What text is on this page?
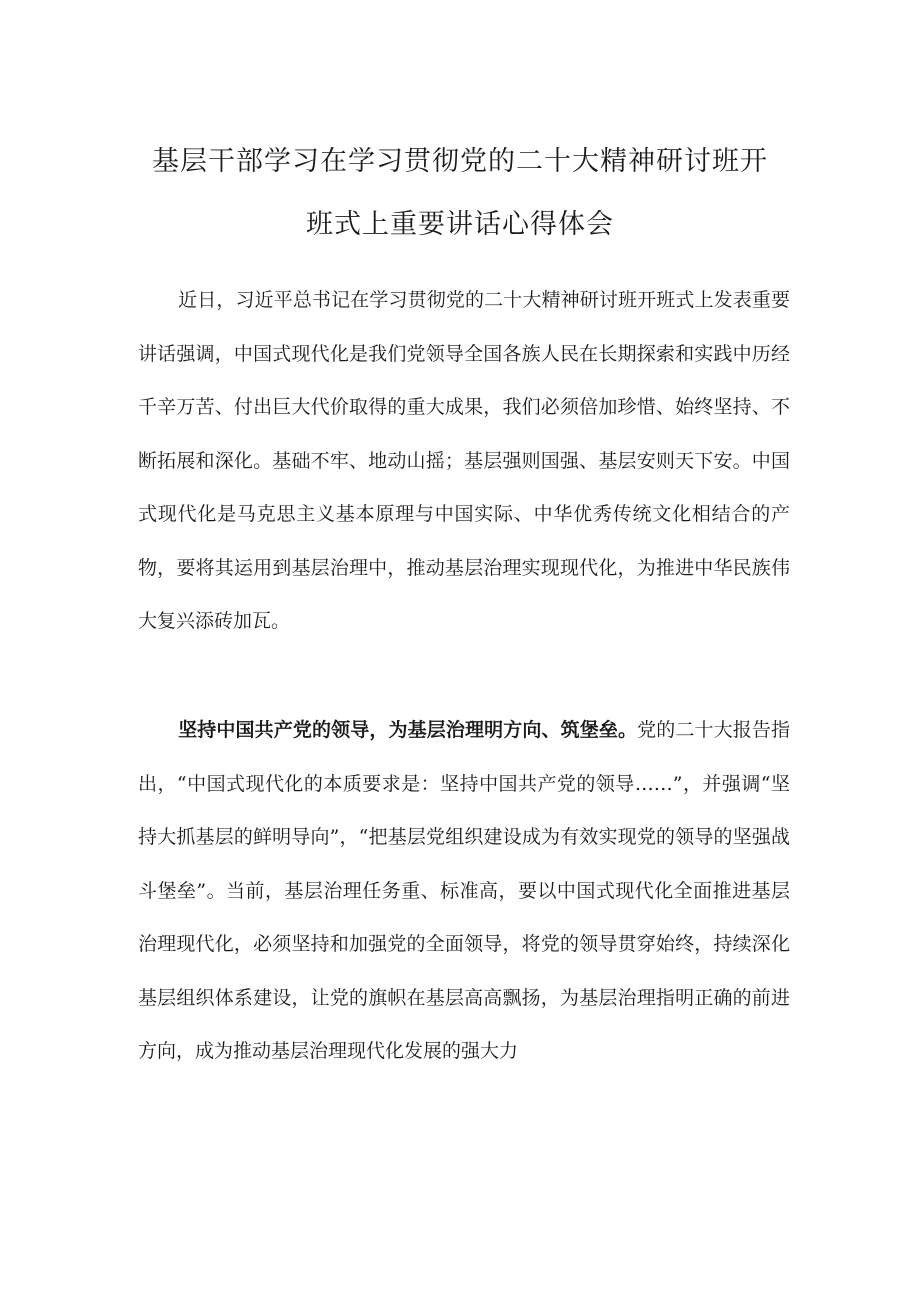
基层干部学习在学习贯彻党的二十大精神研讨班开
班式上重要讲话心得体会

近日，习近平总书记在学习贯彻党的二十大精神研讨班开班式上发表重要讲话强调，中国式现代化是我们党领导全国各族人民在长期探索和实践中历经千辛万苦、付出巨大代价取得的重大成果，我们必须倍加珍惜、始终坚持、不断拓展和深化。基础不牢、地动山摇；基层强则国强、基层安则天下安。中国式现代化是马克思主义基本原理与中国实际、中华优秀传统文化相结合的产物，要将其运用到基层治理中，推动基层治理实现现代化，为推进中华民族伟大复兴添砖加瓦。

坚持中国共产党的领导，为基层治理明方向、筑堡垒。党的二十大报告指出，“中国式现代化的本质要求是：坚持中国共产党的领导……”，并强调“坚持大抓基层的鲜明导向”，“把基层党组织建设成为有效实现党的领导的坚强战斗堡垒”。当前，基层治理任务重、标准高，要以中国式现代化全面推进基层治理现代化，必须坚持和加强党的全面领导，将党的领导贯穿始终，持续深化基层组织体系建设，让党的旗帜在基层高高飘扬，为基层治理指明正确的前进方向，成为推动基层治理现代化发展的强大力
